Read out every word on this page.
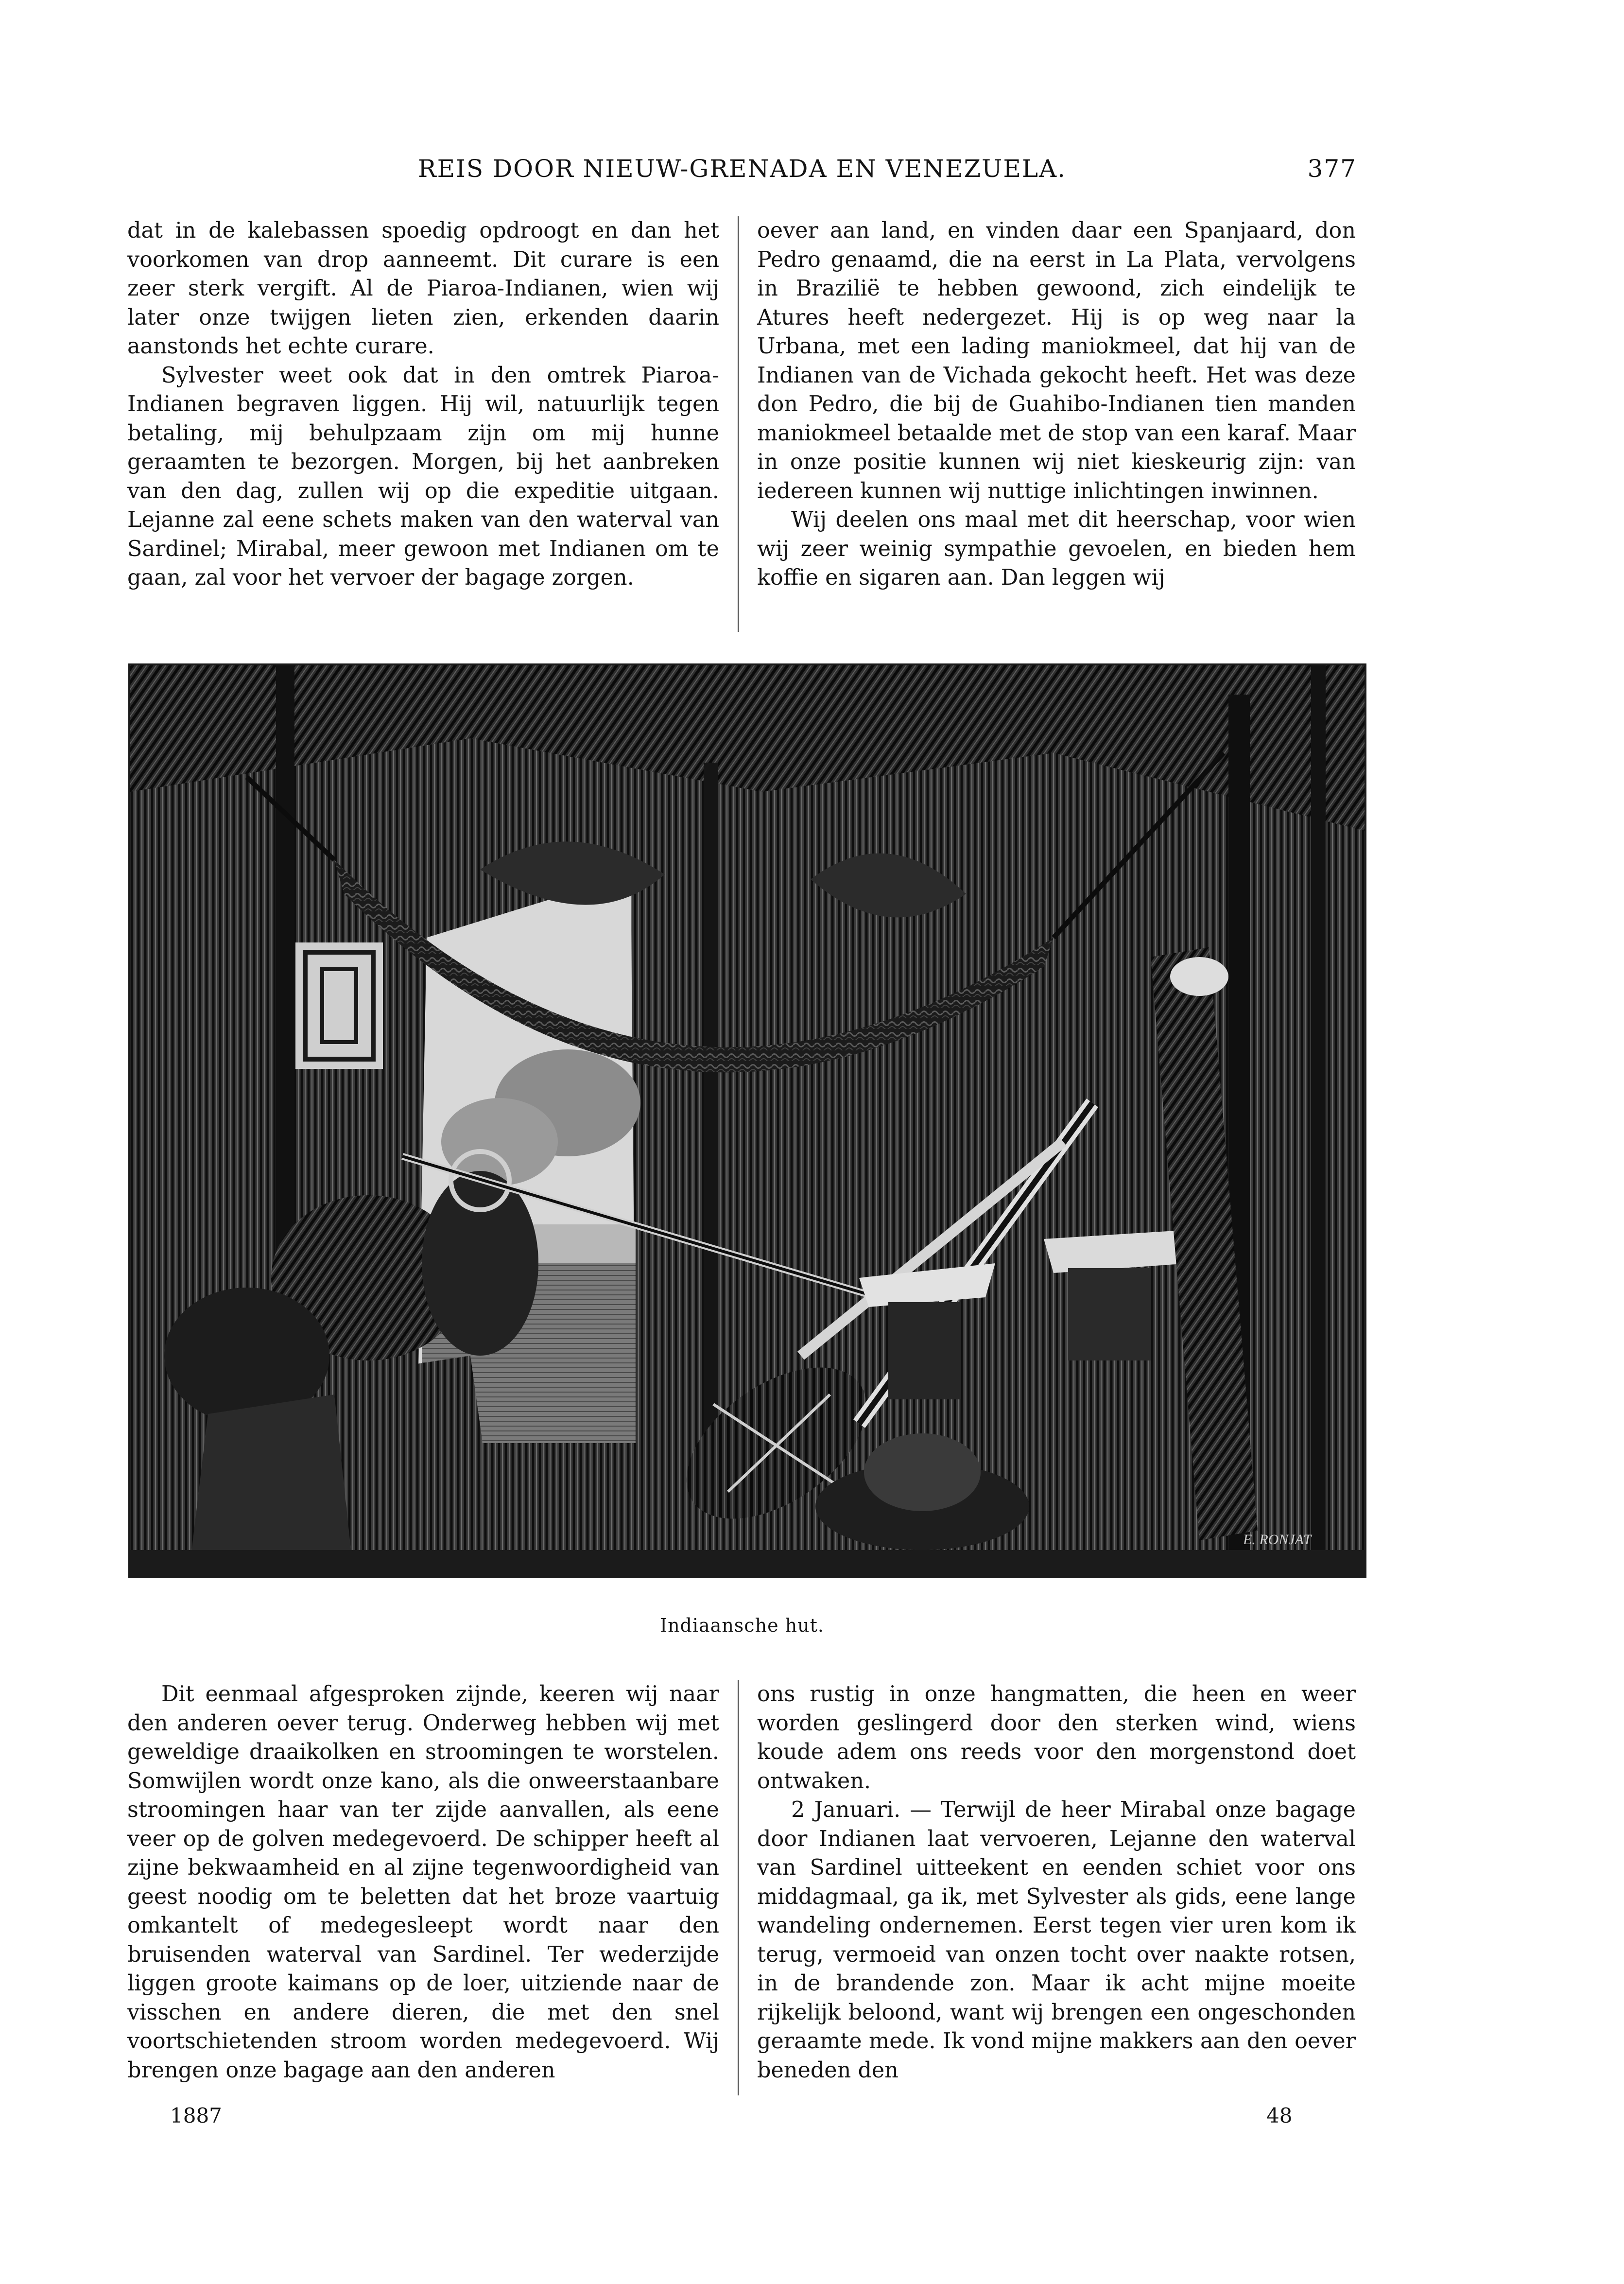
REIS DOOR NIEUW-GRENADA EN VENEZUELA.	377

dat in de kalebassen spoedig opdroogt en dan het voorkomen van drop aanneemt. Dit curare is een zeer sterk vergift. Al de Piaroa-Indianen, wien wij later onze twijgen lieten zien, erkenden daarin aanstonds het echte curare.

Sylvester weet ook dat in den omtrek Piaroa-Indianen begraven liggen. Hij wil, natuurlijk tegen betaling, mij behulpzaam zijn om mij hunne geraamten te bezorgen. Morgen, bij het aanbreken van den dag, zullen wij op die expeditie uitgaan. Lejanne zal eene schets maken van den waterval van Sardinel; Mirabal, meer gewoon met Indianen om te gaan, zal voor het vervoer der bagage zorgen.

oever aan land, en vinden daar een Spanjaard, don Pedro genaamd, die na eerst in La Plata, vervolgens in Brazilië te hebben gewoond, zich eindelijk te Atures heeft nedergezet. Hij is op weg naar la Urbana, met een lading maniokmeel, dat hij van de Indianen van de Vichada gekocht heeft. Het was deze don Pedro, die bij de Guahibo-Indianen tien manden maniokmeel betaalde met de stop van een karaf. Maar in onze positie kunnen wij niet kieskeurig zijn: van iedereen kunnen wij nuttige inlichtingen inwinnen.

Wij deelen ons maal met dit heerschap, voor wien wij zeer weinig sympathie gevoelen, en bieden hem koffie en sigaren aan. Dan leggen wij

E. RONJAT
Indiaansche hut.

Dit eenmaal afgesproken zijnde, keeren wij naar den anderen oever terug. Onderweg hebben wij met geweldige draaikolken en stroomingen te worstelen. Somwijlen wordt onze kano, als die onweerstaanbare stroomingen haar van ter zijde aanvallen, als eene veer op de golven medegevoerd. De schipper heeft al zijne bekwaamheid en al zijne tegenwoordigheid van geest noodig om te beletten dat het broze vaartuig omkantelt of medegesleept wordt naar den bruisenden waterval van Sardinel. Ter wederzijde liggen groote kaimans op de loer, uitziende naar de visschen en andere dieren, die met den snel voortschietenden stroom worden medegevoerd. Wij brengen onze bagage aan den anderen

ons rustig in onze hangmatten, die heen en weer worden geslingerd door den sterken wind, wiens koude adem ons reeds voor den morgenstond doet ontwaken.

2 Januari. — Terwijl de heer Mirabal onze bagage door Indianen laat vervoeren, Lejanne den waterval van Sardinel uitteekent en eenden schiet voor ons middagmaal, ga ik, met Sylvester als gids, eene lange wandeling ondernemen. Eerst tegen vier uren kom ik terug, vermoeid van onzen tocht over naakte rotsen, in de brandende zon. Maar ik acht mijne moeite rijkelijk beloond, want wij brengen een ongeschonden geraamte mede. Ik vond mijne makkers aan den oever beneden den

1887	48
